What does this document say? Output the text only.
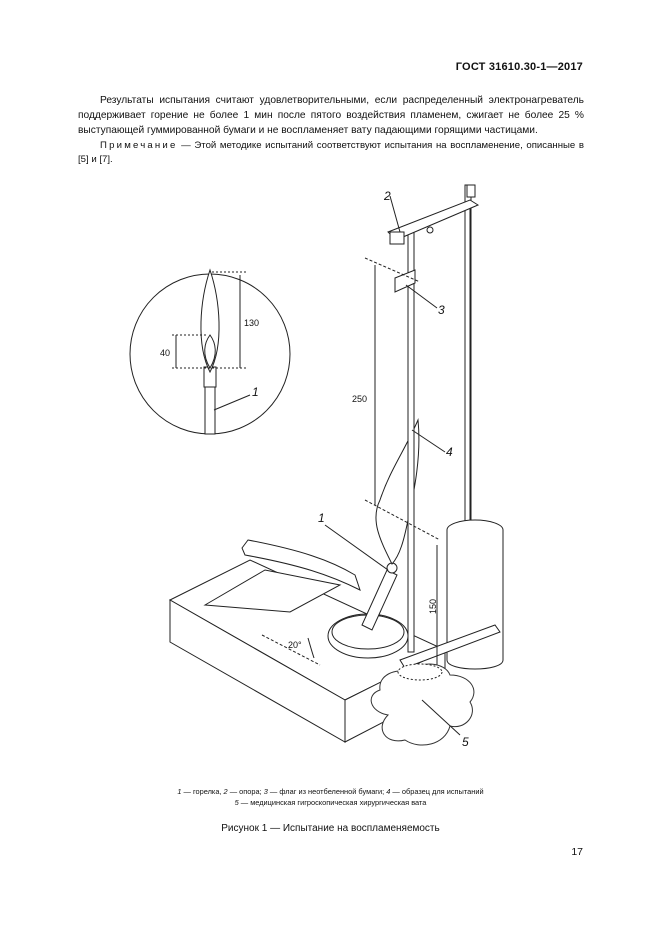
ГОСТ 31610.30-1—2017
Результаты испытания считают удовлетворительными, если распределенный электронагреватель поддерживает горение не более 1 мин после пятого воздействия пламенем, сжигает не более 25 % выступающей гуммированной бумаги и не воспламеняет вату падающими горящими частицами.
Примечание — Этой методике испытаний соответствуют испытания на воспламенение, описанные в [5] и [7].
130
40
250
150
20°
1
2
3
4
1
5
1 — горелка, 2 — опора; 3 — флаг из неотбеленной бумаги; 4 — образец для испытаний
5 — медицинская гигроскопическая хирургическая вата
Рисунок 1 — Испытание на воспламеняемость
17
